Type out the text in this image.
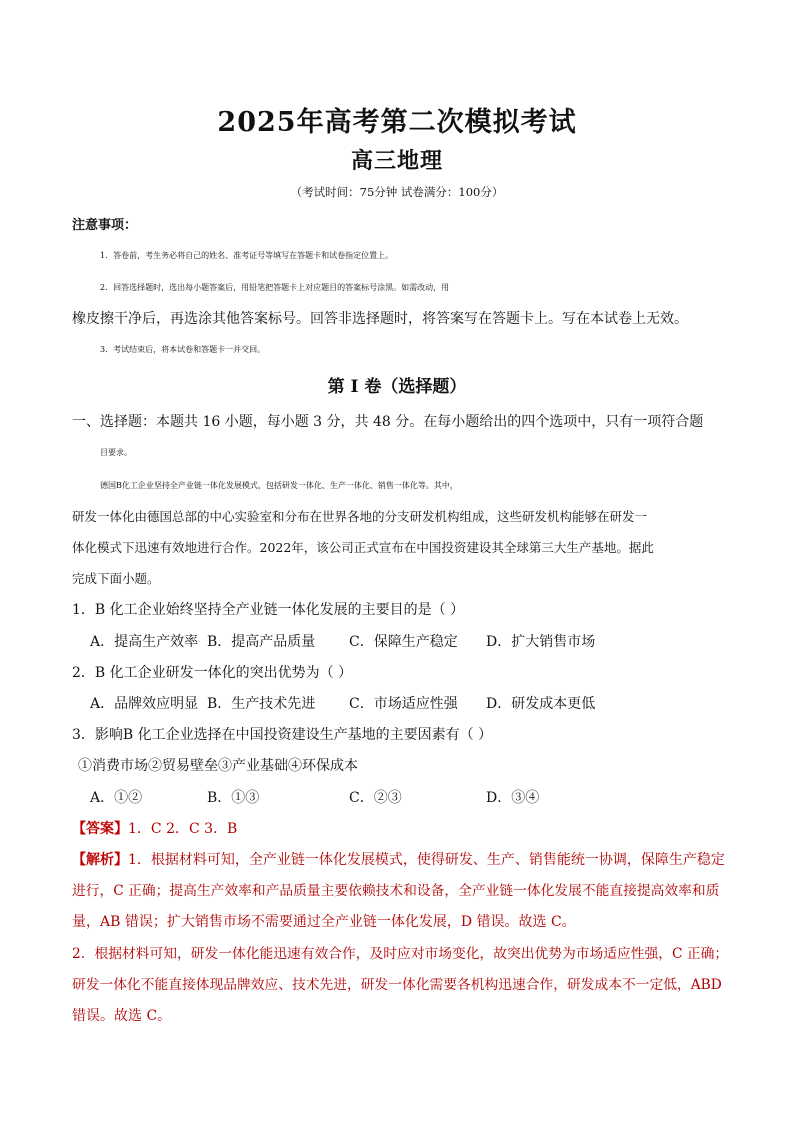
2025年高考第二次模拟考试
高三地理
（考试时间：75分钟 试卷满分：100分）
注意事项：
1．答卷前，考生务必将自己的姓名、准考证号等填写在答题卡和试卷指定位置上。
2．回答选择题时，选出每小题答案后，用铅笔把答题卡上对应题目的答案标号涂黑。如需改动，用
橡皮擦干净后，再选涂其他答案标号。回答非选择题时，将答案写在答题卡上。写在本试卷上无效。
3．考试结束后，将本试卷和答题卡一并交回。
第 I 卷（选择题）
一、选择题：本题共 16 小题，每小题 3 分，共 48 分。在每小题给出的四个选项中，只有一项符合题
目要求。
德国B化工企业坚持全产业链一体化发展模式，包括研发一体化、生产一体化、销售一体化等。其中，
研发一体化由德国总部的中心实验室和分布在世界各地的分支研发机构组成，这些研发机构能够在研发一
体化模式下迅速有效地进行合作。2022年，该公司正式宣布在中国投资建设其全球第三大生产基地。据此
完成下面小题。
1．B 化工企业始终坚持全产业链一体化发展的主要目的是（ ）
A．提高生产效率 B．提高产品质量 C．保障生产稳定 D．扩大销售市场
2．B 化工企业研发一体化的突出优势为（ ）
A．品牌效应明显 B．生产技术先进 C．市场适应性强 D．研发成本更低
3．影响B 化工企业选择在中国投资建设生产基地的主要因素有（ ）
①消费市场②贸易壁垒③产业基础④环保成本
A．①②	B．①③	C．②③	D．③④
【答案】1．C 2．C 3．B
【解析】1．根据材料可知，全产业链一体化发展模式，使得研发、生产、销售能统一协调，保障生产稳定
进行，C 正确；提高生产效率和产品质量主要依赖技术和设备，全产业链一体化发展不能直接提高效率和质
量，AB 错误；扩大销售市场不需要通过全产业链一体化发展，D 错误。故选 C。
2．根据材料可知，研发一体化能迅速有效合作，及时应对市场变化，故突出优势为市场适应性强，C 正确；
研发一体化不能直接体现品牌效应、技术先进，研发一体化需要各机构迅速合作，研发成本不一定低，ABD
错误。故选 C。
